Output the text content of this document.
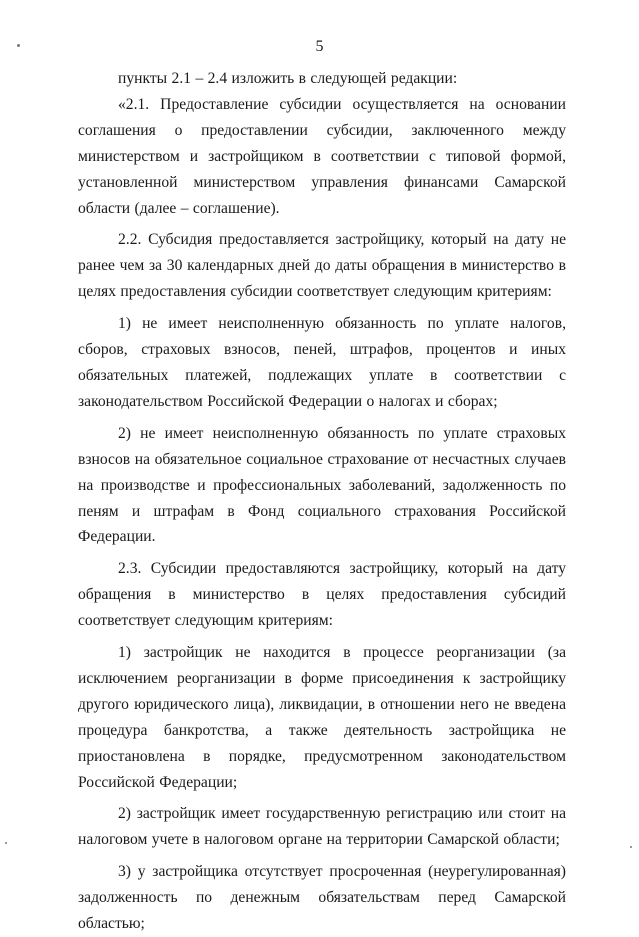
5

пункты 2.1 – 2.4 изложить в следующей редакции:

«2.1. Предоставление субсидии осуществляется на основании соглашения о предоставлении субсидии, заключенного между министерством и застройщиком в соответствии с типовой формой, установленной министерством управления финансами Самарской области (далее – соглашение).

2.2. Субсидия предоставляется застройщику, который на дату не ранее чем за 30 календарных дней до даты обращения в министерство в целях предоставления субсидии соответствует следующим критериям:

1) не имеет неисполненную обязанность по уплате налогов, сборов, страховых взносов, пеней, штрафов, процентов и иных обязательных платежей, подлежащих уплате в соответствии с законодательством Российской Федерации о налогах и сборах;

2) не имеет неисполненную обязанность по уплате страховых взносов на обязательное социальное страхование от несчастных случаев на производстве и профессиональных заболеваний, задолженность по пеням и штрафам в Фонд социального страхования Российской Федерации.

2.3. Субсидии предоставляются застройщику, который на дату обращения в министерство в целях предоставления субсидий соответствует следующим критериям:

1) застройщик не находится в процессе реорганизации (за исключением реорганизации в форме присоединения к застройщику другого юридического лица), ликвидации, в отношении него не введена процедура банкротства, а также деятельность застройщика не приостановлена в порядке, предусмотренном законодательством Российской Федерации;

2) застройщик имеет государственную регистрацию или стоит на налоговом учете в налоговом органе на территории Самарской области;

3) у застройщика отсутствует просроченная (неурегулированная) задолженность по денежным обязательствам перед Самарской областью;
